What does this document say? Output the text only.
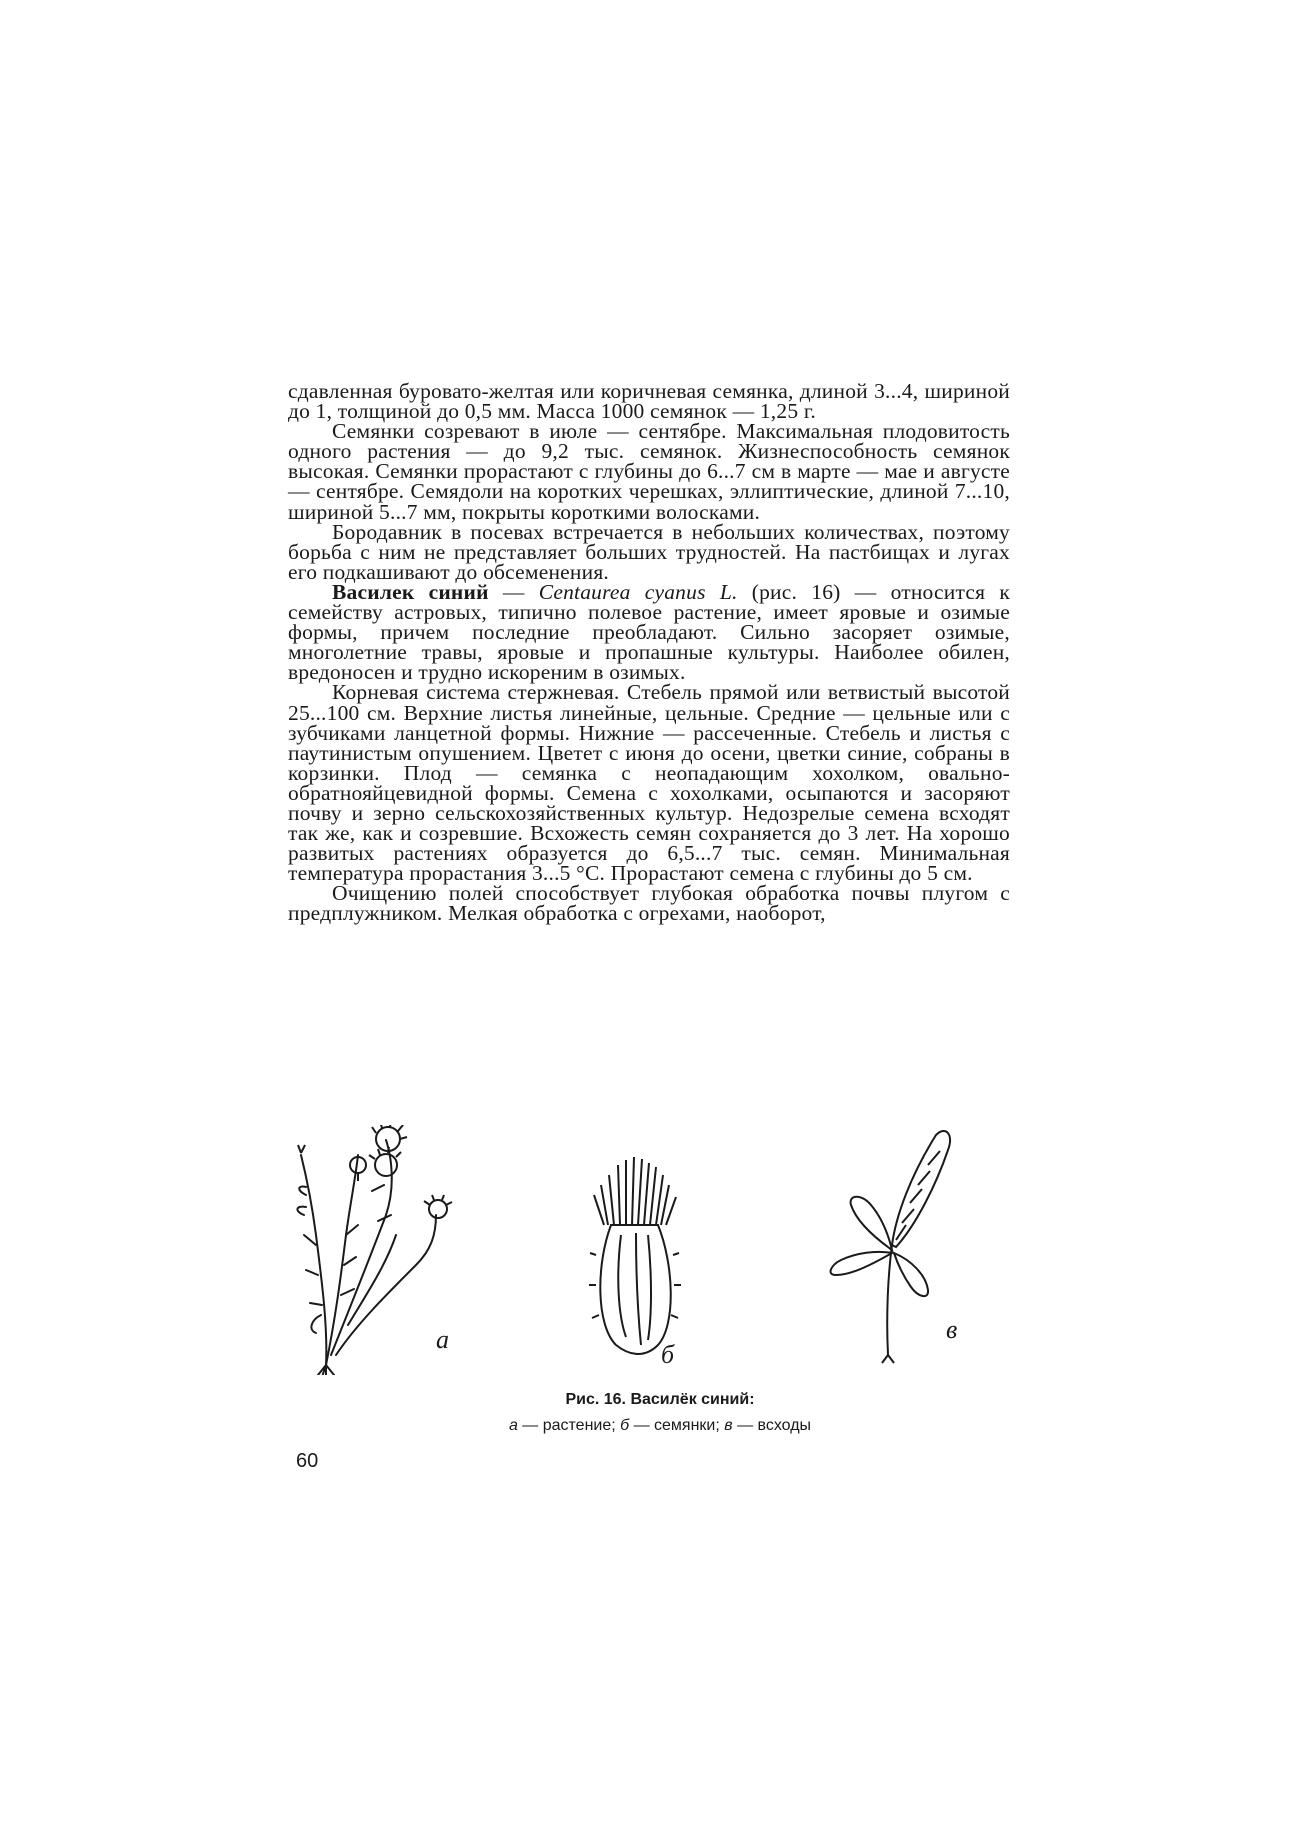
сдавленная буровато-желтая или коричневая семянка, длиной 3...4, шириной до 1, толщиной до 0,5 мм. Масса 1000 семянок — 1,25 г.

Семянки созревают в июле — сентябре. Максимальная плодовитость одного растения — до 9,2 тыс. семянок. Жизнеспособность семянок высокая. Семянки прорастают с глубины до 6...7 см в марте — мае и августе — сентябре. Семядоли на коротких черешках, эллиптические, длиной 7...10, шириной 5...7 мм, покрыты короткими волосками.

Бородавник в посевах встречается в небольших количествах, поэтому борьба с ним не представляет больших трудностей. На пастбищах и лугах его подкашивают до обсеменения.

Василек синий — Centaurea cyanus L. (рис. 16) — относится к семейству астровых, типично полевое растение, имеет яровые и озимые формы, причем последние преобладают. Сильно засоряет озимые, многолетние травы, яровые и пропашные культуры. Наиболее обилен, вредоносен и трудно искореним в озимых.

Корневая система стержневая. Стебель прямой или ветвистый высотой 25...100 см. Верхние листья линейные, цельные. Средние — цельные или с зубчиками ланцетной формы. Нижние — рассеченные. Стебель и листья с паутинистым опушением. Цветет с июня до осени, цветки синие, собраны в корзинки. Плод — семянка с неопадающим хохолком, овально-обратнояйцевидной формы. Семена с хохолками, осыпаются и засоряют почву и зерно сельскохозяйственных культур. Недозрелые семена всходят так же, как и созревшие. Всхожесть семян сохраняется до 3 лет. На хорошо развитых растениях образуется до 6,5...7 тыс. семян. Минимальная температура прорастания 3...5 °С. Прорастают семена с глубины до 5 см.

Очищению полей способствует глубокая обработка почвы плугом с предплужником. Мелкая обработка с огрехами, наоборот,

а
б
в
Рис. 16. Василёк синий:
а — растение; б — семянки; в — всходы
60
